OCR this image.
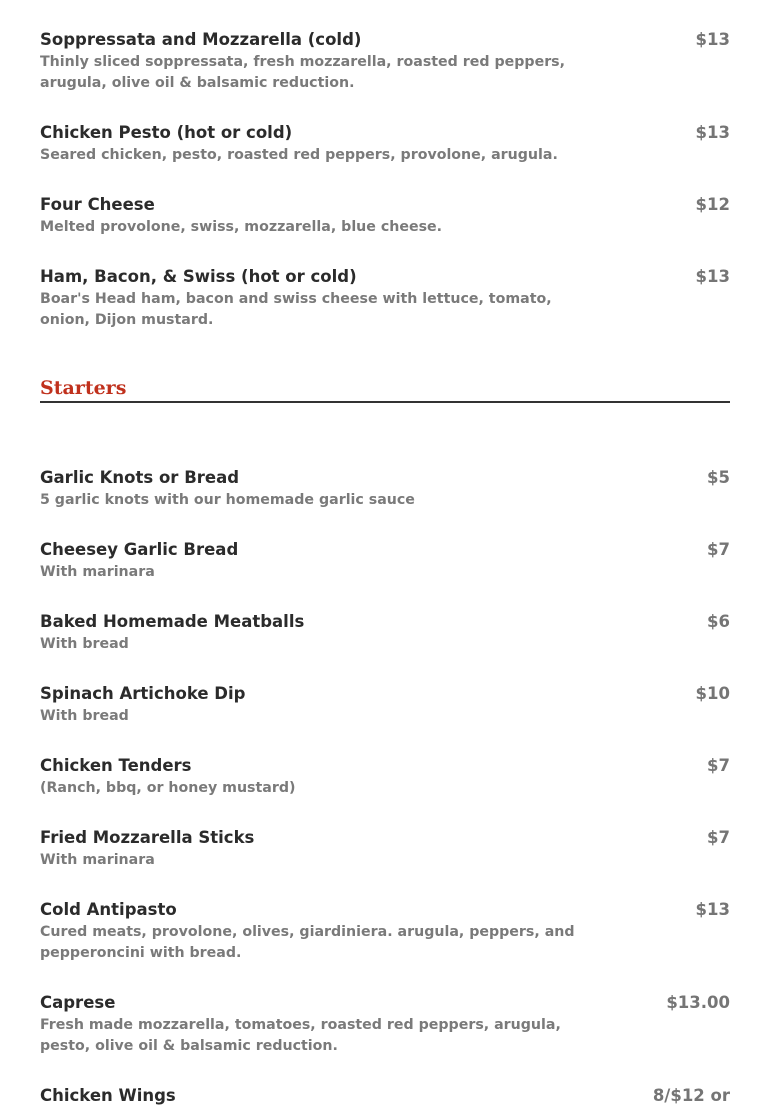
Soppressata and Mozzarella (cold)	$13
Thinly sliced soppressata, fresh mozzarella, roasted red peppers, arugula, olive oil & balsamic reduction.
Chicken Pesto (hot or cold)	$13
Seared chicken, pesto, roasted red peppers, provolone, arugula.
Four Cheese	$12
Melted provolone, swiss, mozzarella, blue cheese.
Ham, Bacon, & Swiss (hot or cold)	$13
Boar's Head ham, bacon and swiss cheese with lettuce, tomato, onion, Dijon mustard.
Starters
Garlic Knots or Bread	$5
5 garlic knots with our homemade garlic sauce
Cheesey Garlic Bread	$7
With marinara
Baked Homemade Meatballs	$6
With bread
Spinach Artichoke Dip	$10
With bread
Chicken Tenders	$7
(Ranch, bbq, or honey mustard)
Fried Mozzarella Sticks	$7
With marinara
Cold Antipasto	$13
Cured meats, provolone, olives, giardiniera. arugula, peppers, and pepperoncini with bread.
Caprese	$13.00
Fresh made mozzarella, tomatoes, roasted red peppers, arugula, pesto, olive oil & balsamic reduction.
Chicken Wings	8/$12 or
